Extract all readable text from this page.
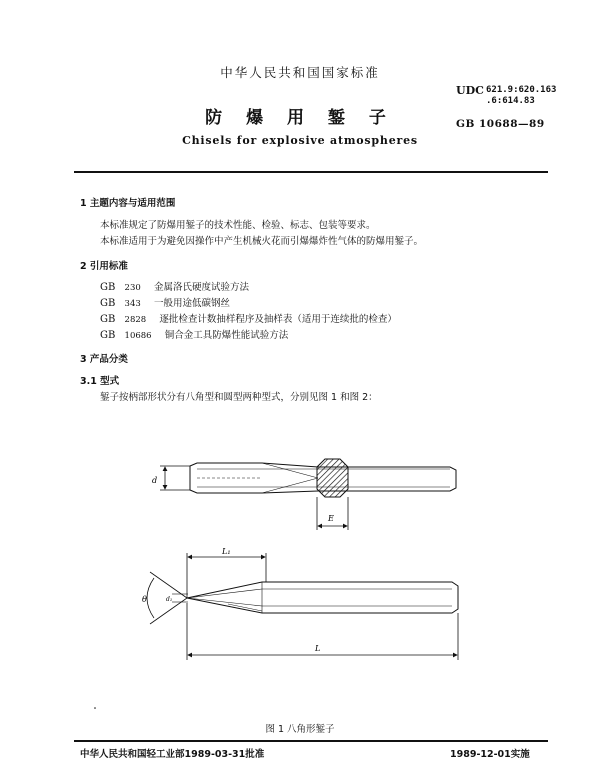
中华人民共和国国家标准
UDC 621.9:620.163
.6:614.83
防 爆 用 錾 子	GB 10688—89
Chisels for explosive atmospheres
1 主题内容与适用范围
本标准规定了防爆用錾子的技术性能、检验、标志、包装等要求。
本标准适用于为避免因操作中产生机械火花而引爆爆炸性气体的防爆用錾子。
2 引用标准
GB 230 金属洛氏硬度试验方法
GB 343 一般用途低碳钢丝
GB 2828 逐批检查计数抽样程序及抽样表（适用于连续批的检查）
GB 10686 铜合金工具防爆性能试验方法
3 产品分类
3.1 型式
錾子按柄部形状分有八角型和圆型两种型式，分别见图 1 和图 2：
d
E
θ	d₁
L₁
L
图 1 八角形錾子
中华人民共和国轻工业部1989-03-31批准	1989-12-01实施
